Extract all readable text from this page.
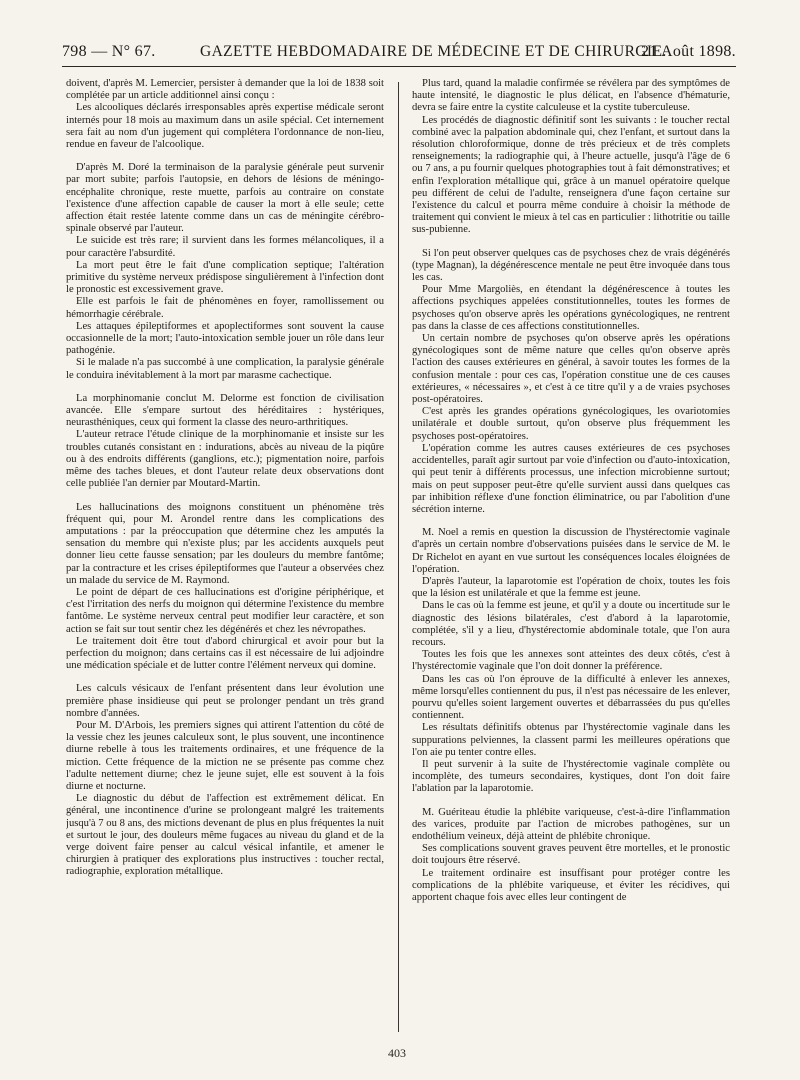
798 — N° 67.	GAZETTE HEBDOMADAIRE DE MÉDECINE ET DE CHIRURGIE.
21 Août 1898.

doivent, d'après M. Lemercier, persister à demander que la loi de 1838 soit complétée par un article additionnel ainsi conçu :

Les alcooliques déclarés irresponsables après expertise médicale seront internés pour 18 mois au maximum dans un asile spécial. Cet internement sera fait au nom d'un jugement qui complétera l'ordonnance de non-lieu, rendue en faveur de l'alcoolique.

D'après M. Doré la terminaison de la paralysie générale peut survenir par mort subite; parfois l'autopsie, en dehors de lésions de méningo-encéphalite chronique, reste muette, parfois au contraire on constate l'existence d'une affection capable de causer la mort à elle seule; cette affection était restée latente comme dans un cas de méningite cérébro-spinale observé par l'auteur.

Le suicide est très rare; il survient dans les formes mélancoliques, il a pour caractère l'absurdité.

La mort peut être le fait d'une complication septique; l'altération primitive du système nerveux prédispose singulièrement à l'infection dont le pronostic est excessivement grave.

Elle est parfois le fait de phénomènes en foyer, ramollissement ou hémorrhagie cérébrale.

Les attaques épileptiformes et apoplectiformes sont souvent la cause occasionnelle de la mort; l'auto-intoxication semble jouer un rôle dans leur pathogénie.

Si le malade n'a pas succombé à une complication, la paralysie générale le conduira inévitablement à la mort par marasme cachectique.

La morphinomanie conclut M. Delorme est fonction de civilisation avancée. Elle s'empare surtout des héréditaires : hystériques, neurasthéniques, ceux qui forment la classe des neuro-arthritiques.

L'auteur retrace l'étude clinique de la morphinomanie et insiste sur les troubles cutanés consistant en : indurations, abcès au niveau de la piqûre ou à des endroits différents (ganglions, etc.); pigmentation noire, parfois même des taches bleues, et dont l'auteur relate deux observations dont celle publiée l'an dernier par Moutard-Martin.

Les hallucinations des moignons constituent un phénomène très fréquent qui, pour M. Arondel rentre dans les complications des amputations : par la préoccupation que détermine chez les amputés la sensation du membre qui n'existe plus; par les accidents auxquels peut donner lieu cette fausse sensation; par les douleurs du membre fantôme; par la contracture et les crises épileptiformes que l'auteur a observées chez un malade du service de M. Raymond.

Le point de départ de ces hallucinations est d'origine périphérique, et c'est l'irritation des nerfs du moignon qui détermine l'existence du membre fantôme. Le système nerveux central peut modifier leur caractère, et son action se fait sur tout sentir chez les dégénérés et chez les névropathes.

Le traitement doit être tout d'abord chirurgical et avoir pour but la perfection du moignon; dans certains cas il est nécessaire de lui adjoindre une médication spéciale et de lutter contre l'élément nerveux qui domine.

Les calculs vésicaux de l'enfant présentent dans leur évolution une première phase insidieuse qui peut se prolonger pendant un très grand nombre d'années.

Pour M. D'Arbois, les premiers signes qui attirent l'attention du côté de la vessie chez les jeunes calculeux sont, le plus souvent, une incontinence diurne rebelle à tous les traitements ordinaires, et une fréquence de la miction. Cette fréquence de la miction ne se présente pas comme chez l'adulte nettement diurne; chez le jeune sujet, elle est souvent à la fois diurne et nocturne.

Le diagnostic du début de l'affection est extrêmement délicat. En général, une incontinence d'urine se prolongeant malgré les traitements jusqu'à 7 ou 8 ans, des mictions devenant de plus en plus fréquentes la nuit et surtout le jour, des douleurs même fugaces au niveau du gland et de la verge doivent faire penser au calcul vésical infantile, et amener le chirurgien à pratiquer des explorations plus instructives : toucher rectal, radiographie, exploration métallique.

Plus tard, quand la maladie confirmée se révélera par des symptômes de haute intensité, le diagnostic le plus délicat, en l'absence d'hématurie, devra se faire entre la cystite calculeuse et la cystite tuberculeuse.

Les procédés de diagnostic définitif sont les suivants : le toucher rectal combiné avec la palpation abdominale qui, chez l'enfant, et surtout dans la résolution chloroformique, donne de très précieux et de très complets renseignements; la radiographie qui, à l'heure actuelle, jusqu'à l'âge de 6 ou 7 ans, a pu fournir quelques photographies tout à fait démonstratives; et enfin l'exploration métallique qui, grâce à un manuel opératoire quelque peu différent de celui de l'adulte, renseignera d'une façon certaine sur l'existence du calcul et pourra même conduire à choisir la méthode de traitement qui convient le mieux à tel cas en particulier : lithotritie ou taille sus-pubienne.

Si l'on peut observer quelques cas de psychoses chez de vrais dégénérés (type Magnan), la dégénérescence mentale ne peut être invoquée dans tous les cas.

Pour Mme Margoliès, en étendant la dégénérescence à toutes les affections psychiques appelées constitutionnelles, toutes les formes de psychoses qu'on observe après les opérations gynécologiques, ne rentrent pas dans la classe de ces affections constitutionnelles.

Un certain nombre de psychoses qu'on observe après les opérations gynécologiques sont de même nature que celles qu'on observe après l'action des causes extérieures en général, à savoir toutes les formes de la confusion mentale : pour ces cas, l'opération constitue une de ces causes extérieures, « nécessaires », et c'est à ce titre qu'il y a de vraies psychoses post-opératoires.

C'est après les grandes opérations gynécologiques, les ovariotomies unilatérale et double surtout, qu'on observe plus fréquemment les psychoses post-opératoires.

L'opération comme les autres causes extérieures de ces psychoses accidentelles, paraît agir surtout par voie d'infection ou d'auto-intoxication, qui peut tenir à différents processus, une infection microbienne surtout; mais on peut supposer peut-être qu'elle survient aussi dans quelques cas par inhibition réflexe d'une fonction éliminatrice, ou par l'abolition d'une sécrétion interne.

M. Noel a remis en question la discussion de l'hystérectomie vaginale d'après un certain nombre d'observations puisées dans le service de M. le Dr Richelot en ayant en vue surtout les conséquences locales éloignées de l'opération.

D'après l'auteur, la laparotomie est l'opération de choix, toutes les fois que la lésion est unilatérale et que la femme est jeune.

Dans le cas où la femme est jeune, et qu'il y a doute ou incertitude sur le diagnostic des lésions bilatérales, c'est d'abord à la laparotomie, complétée, s'il y a lieu, d'hystérectomie abdominale totale, que l'on aura recours.

Toutes les fois que les annexes sont atteintes des deux côtés, c'est à l'hystérectomie vaginale que l'on doit donner la préférence.

Dans les cas où l'on éprouve de la difficulté à enlever les annexes, même lorsqu'elles contiennent du pus, il n'est pas nécessaire de les enlever, pourvu qu'elles soient largement ouvertes et débarrassées du pus qu'elles contiennent.

Les résultats définitifs obtenus par l'hystérectomie vaginale dans les suppurations pelviennes, la classent parmi les meilleures opérations que l'on aie pu tenter contre elles.

Il peut survenir à la suite de l'hystérectomie vaginale complète ou incomplète, des tumeurs secondaires, kystiques, dont l'on doit faire l'ablation par la laparotomie.

M. Guériteau étudie la phlébite variqueuse, c'est-à-dire l'inflammation des varices, produite par l'action de microbes pathogènes, sur un endothélium veineux, déjà atteint de phlébite chronique.

Ses complications souvent graves peuvent être mortelles, et le pronostic doit toujours être réservé.

Le traitement ordinaire est insuffisant pour protéger contre les complications de la phlébite variqueuse, et éviter les récidives, qui apportent chaque fois avec elles leur contingent de

403
